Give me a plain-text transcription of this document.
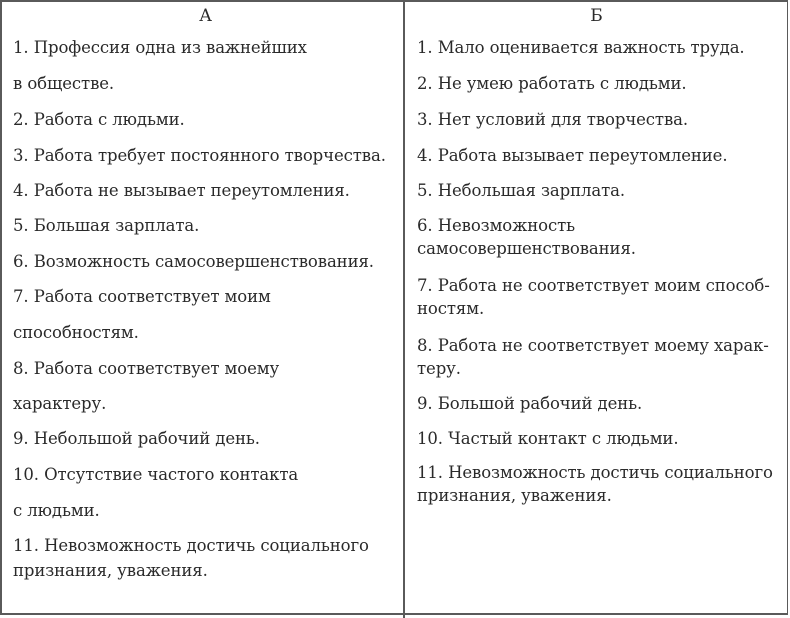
А
1. Профессия одна из важнейших
в обществе.
2. Работа с людьми.
3. Работа требует постоянного творчества.
4. Работа не вызывает переутомления.
5. Большая зарплата.
6. Возможность самосовершенствования.
7. Работа соответствует моим
способностям.
8. Работа соответствует моему
характеру.
9. Небольшой рабочий день.
10. Отсутствие частого контакта
с людьми.
11. Невозможность достичь социального
признания, уважения.
Б
1. Мало оценивается важность труда.
2. Не умею работать с людьми.
3. Нет условий для творчества.
4. Работа вызывает переутомление.
5. Небольшая зарплата.
6. Невозможность
самосовершенствования.
7. Работа не соответствует моим способ-
ностям.
8. Работа не соответствует моему харак-
теру.
9. Большой рабочий день.
10. Частый контакт с людьми.
11. Невозможность достичь социального
признания, уважения.
